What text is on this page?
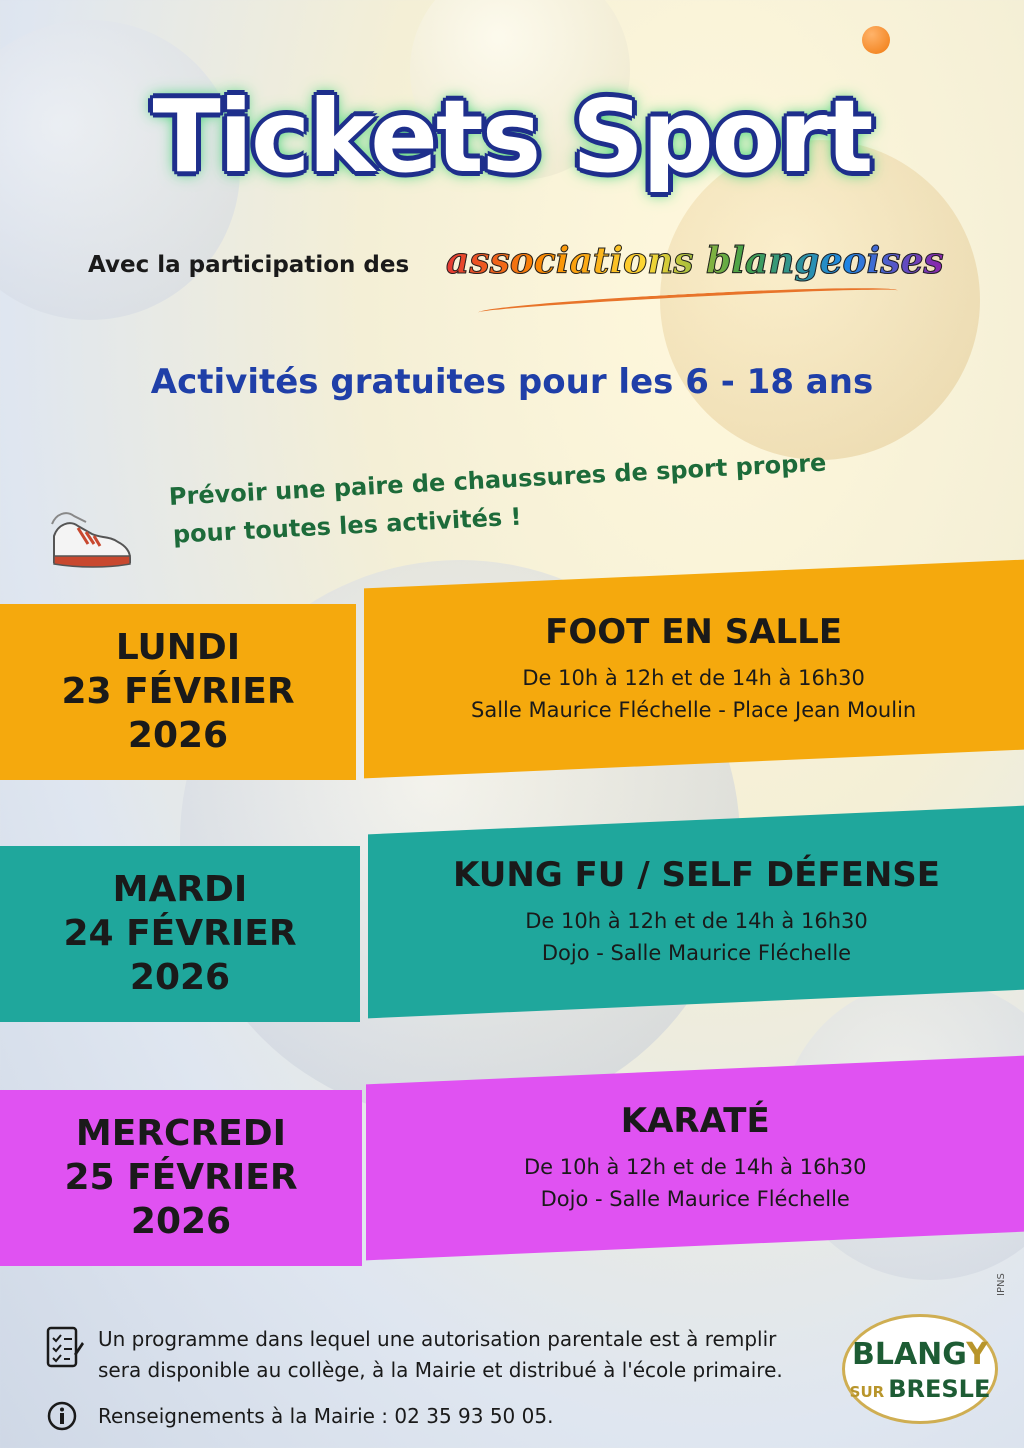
Tickets Sport
Avec la participation des associations blangeoises
Activités gratuites pour les 6 - 18 ans
Prévoir une paire de chaussures de sport propre
pour toutes les activités !
LUNDI
23 FÉVRIER
2026
FOOT EN SALLE
De 10h à 12h et de 14h à 16h30
Salle Maurice Fléchelle - Place Jean Moulin
MARDI
24 FÉVRIER
2026
KUNG FU / SELF DÉFENSE
De 10h à 12h et de 14h à 16h30
Dojo - Salle Maurice Fléchelle
MERCREDI
25 FÉVRIER
2026
KARATÉ
De 10h à 12h et de 14h à 16h30
Dojo - Salle Maurice Fléchelle
Un programme dans lequel une autorisation parentale est à remplir
sera disponible au collège, à la Mairie et distribué à l'école primaire.
Renseignements à la Mairie : 02 35 93 50 05.
BLANGY
SUR BRESLE
IPNS
